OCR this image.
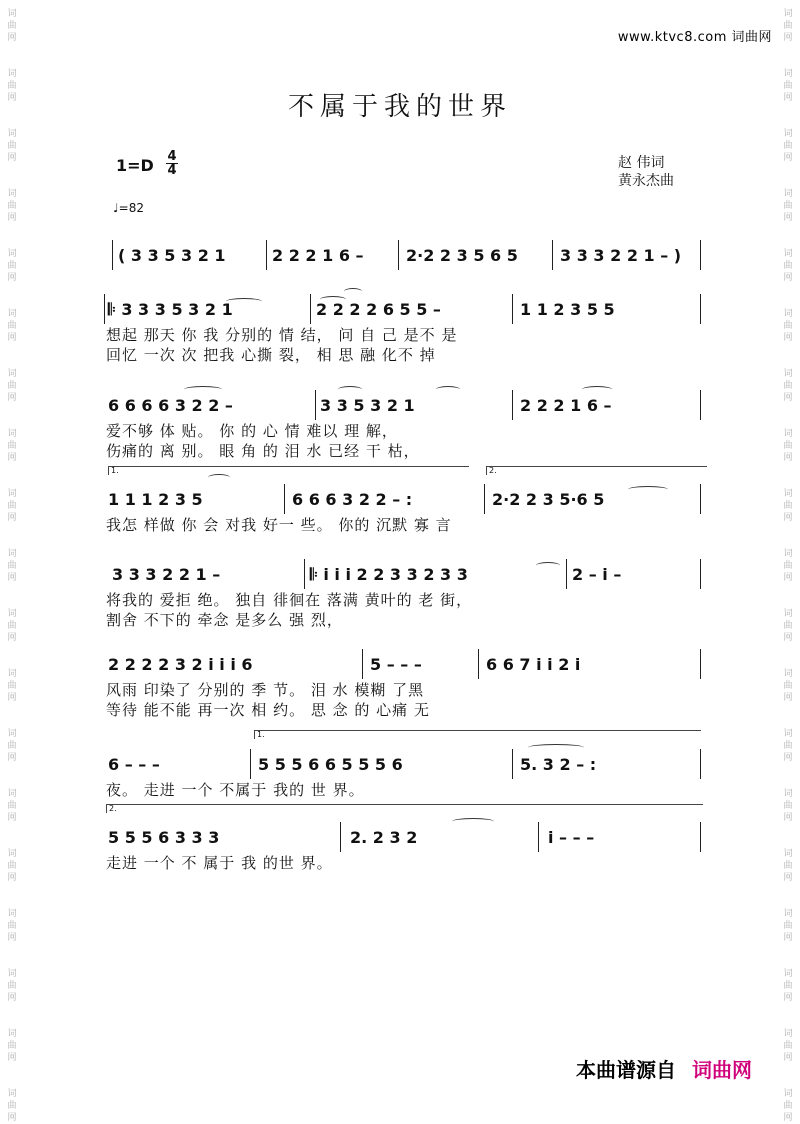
词
曲
网
词
曲
网
词
曲
网
词
曲
网
词
曲
网
词
曲
网
词
曲
网
词
曲
网
词
曲
网
词
曲
网
词
曲
网
词
曲
网
词
曲
网
词
曲
网
词
曲
网
词
曲
网
词
曲
网
词
曲
网
词
曲
网
词
曲
网
词
曲
网
词
曲
网
词
曲
网
词
曲
网
词
曲
网
词
曲
网
词
曲
网
词
曲
网
词
曲
网
词
曲
网
词
曲
网
词
曲
网
词
曲
网
词
曲
网
词
曲
网
词
曲
网
词
曲
网
词
曲
网
www.ktvc8.com 词曲网
不属于我的世界
1=D 4
4
♩=82
赵 伟词
黄永杰曲
( 3 3 5 3 2 1	2 2 2 1 6 –	2·2 2 3 5 6 5	3 3 3 2 2 1 – )
𝄆 3 3 3 5 3 2 1	2 2 2 2 6 5 5 –	1 1 2 3 5 5
想起 那天 你 我 分别的 情 结， 问 自 己 是不 是
回忆 一次 次 把我 心撕 裂， 相 思 融 化不 掉
6 6 6 6 3 2 2 –	3 3 5 3 2 1	2 2 2 1 6 –
爱不够 体 贴。 你 的 心 情 难以 理 解，
伤痛的 离 别。 眼 角 的 泪 水 已经 干 枯，
1 1 1 2 3 5	6 6 6 3 2 2 – :	2·2 2 3 5·6 5
我怎 样做 你 会 对我 好一 些。 你的 沉默 寡 言
3 3 3 2 2 1 –	𝄆 i i i 2 2 3 3 2 3 3	2 – i –
将我的 爱拒 绝。 独自 徘徊在 落满 黄叶的 老 街，
割舍 不下的 牵念 是多么 强 烈，
2 2 2 2 3 2 i i i 6	5 – – –	6 6 7 i i 2 i
风雨 印染了 分别的 季 节。 泪 水 模糊 了黑
等待 能不能 再一次 相 约。 思 念 的 心痛 无
6 – – –	5 5 5 6 6 5 5 5 6	5. 3 2 – :
夜。 走进 一个 不属于 我的 世 界。
5 5 5 6 3 3 3	2. 2 3 2	i – – –
走进 一个 不 属于 我 的世 界。
1.	2.
1.
2.
本曲谱源自 词曲网
